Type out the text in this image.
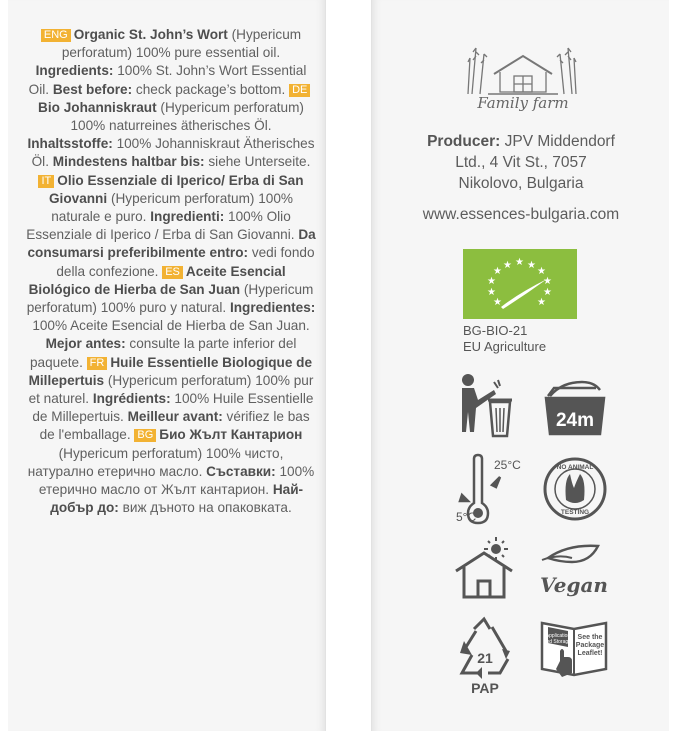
ENG Organic St. John’s Wort (Hypericum perforatum) 100% pure essential oil. Ingredients: 100% St. John’s Wort Essential Oil. Best before: check package’s bottom. DEBio Johanniskraut (Hypericum perforatum) 100% naturreines ätherisches Öl. Inhaltsstoffe: 100% Johanniskraut Ätherisches Öl. Mindestens haltbar bis: siehe Unterseite. IT Olio Essenziale di Iperico/ Erba di San Giovanni (Hypericum perforatum) 100% naturale e puro. Ingredienti: 100% Olio Essenziale di Iperico / Erba di San Giovanni. Da consumarsi preferibilmente entro: vedi fondo della confezione. ES Aceite Esencial Biológico de Hierba de San Juan (Hypericum perforatum) 100% puro y natural. Ingredientes: 100% Aceite Esencial de Hierba de San Juan. Mejor antes: consulte la parte inferior del paquete. FR Huile Essentielle Biologique de Millepertuis (Hypericum perforatum) 100% pur et naturel. Ingrédients: 100% Huile Essentielle de Millepertuis. Meilleur avant: vérifiez le bas de l'emballage. BG Био Жълт Кантарион (Hypericum perforatum) 100% чисто, натурално етерично масло. Съставки: 100% етерично масло от Жълт кантарион. Най-добър до: виж дъното на опаковката.
Family farm
Producer: JPV Middendorf
Ltd., 4 Vit St., 7057
Nikolovo, Bulgaria
www.essences-bulgaria.com
★
★
★
★
★ ★ ★
★
★
★
★
BG-BIO-21
EU Agriculture
24m
25°C
5°C
NO ANIMAL
TESTING
Vegan
21
PAP
Application
and Storage!
See the
Package
Leaflet!
